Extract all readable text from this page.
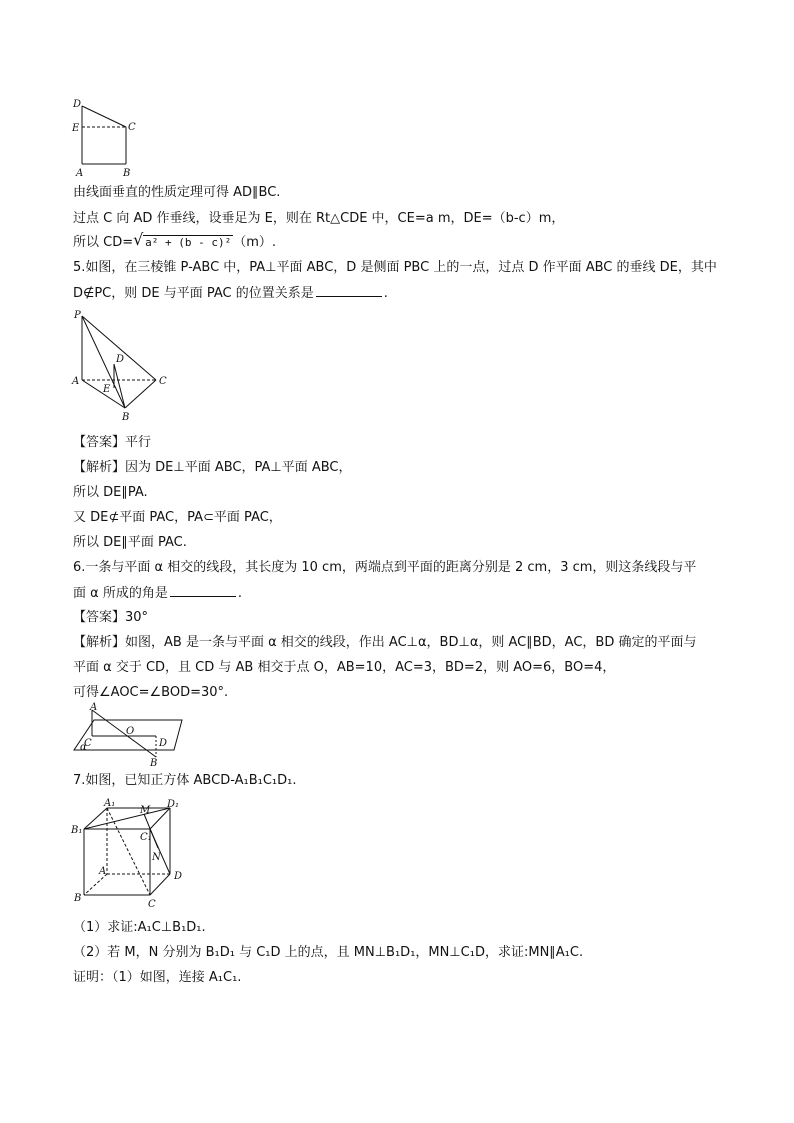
D
E	C
A	B
由线面垂直的性质定理可得 AD∥BC.
过点 C 向 AD 作垂线，设垂足为 E，则在 Rt△CDE 中，CE=a m，DE=（b-c）m，
所以 CD= √ a² + (b - c)² （m）.
5.如图，在三棱锥 P-ABC 中，PA⊥平面 ABC，D 是侧面 PBC 上的一点，过点 D 作平面 ABC 的垂线 DE，其中
D∉PC，则 DE 与平面 PAC 的位置关系是	.
P
D
A
E
C
B
【答案】平行
【解析】因为 DE⊥平面 ABC，PA⊥平面 ABC，
所以 DE∥PA.
又 DE⊄平面 PAC，PA⊂平面 PAC，
所以 DE∥平面 PAC.
6.一条与平面 α 相交的线段，其长度为 10 cm，两端点到平面的距离分别是 2 cm，3 cm，则这条线段与平
面 α 所成的角是	.
【答案】30°
【解析】如图，AB 是一条与平面 α 相交的线段，作出 AC⊥α，BD⊥α，则 AC∥BD，AC，BD 确定的平面与
平面 α 交于 CD，且 CD 与 AB 相交于点 O，AB=10，AC=3，BD=2，则 AO=6，BO=4，
可得∠AOC=∠BOD=30°.
A
C
O
D
α
B
7.如图，已知正方体 ABCD-A₁B₁C₁D₁.
A₁
M
D₁
B₁
C₁
N
A	D
B
C
（1）求证:A₁C⊥B₁D₁.
（2）若 M，N 分别为 B₁D₁ 与 C₁D 上的点，且 MN⊥B₁D₁，MN⊥C₁D，求证:MN∥A₁C.
证明：（1）如图，连接 A₁C₁.
